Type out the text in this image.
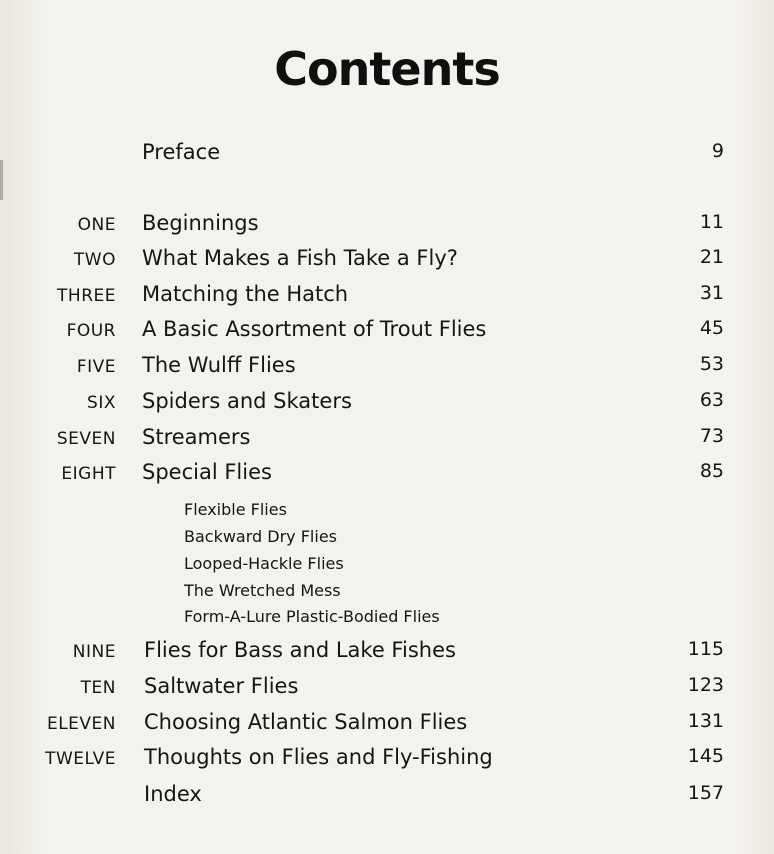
Contents
Preface	9
ONE Beginnings	11
TWO What Makes a Fish Take a Fly?	21
THREE Matching the Hatch	31
FOUR A Basic Assortment of Trout Flies	45
FIVE The Wulff Flies	53
SIX Spiders and Skaters	63
SEVEN Streamers	73
EIGHT Special Flies	85
Flexible Flies
Backward Dry Flies
Looped-Hackle Flies
The Wretched Mess
Form-A-Lure Plastic-Bodied Flies
NINE Flies for Bass and Lake Fishes	115
TEN Saltwater Flies	123
ELEVEN Choosing Atlantic Salmon Flies	131
TWELVE Thoughts on Flies and Fly-Fishing	145
Index	157
